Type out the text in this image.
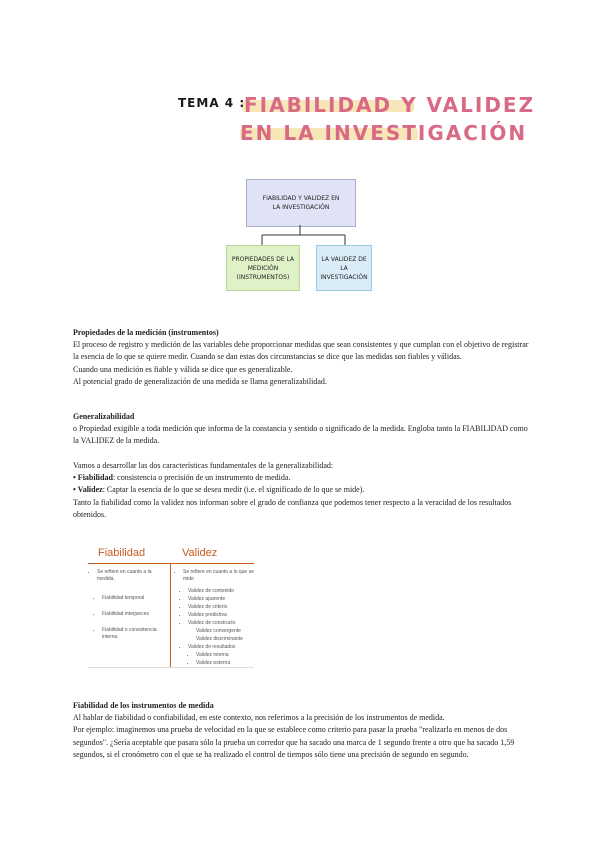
TEMA 4 :
FIABILIDAD Y VALIDEZ
EN LA INVESTIGACIÓN
FIABILIDAD Y VALIDEZ EN LA INVESTIGACIÓN
PROPIEDADES DE LA MEDICIÓN (INSTRUMENTOS)
LA VALIDEZ DE LA INVESTIGACIÓN

Propiedades de la medición (instrumentos)

El proceso de registro y medición de las variables debe proporcionar medidas que sean consistentes y que cumplan con el objetivo de registrar la esencia de lo que se quiere medir. Cuando se dan estas dos circunstancias se dice que las medidas son fiables y válidas.

Cuando una medición es fiable y válida se dice que es generalizable.

Al potencial grado de generalización de una medida se llama generalizabilidad.

Generalizabilidad

o Propiedad exigible a toda medición que informa de la constancia y sentido o significado de la medida. Engloba tanto la FIABILIDAD como la VALIDEZ de la medida.

Vamos a desarrollar las dos características fundamentales de la generalizabilidad:

• Fiabilidad: consistencia o precisión de un instrumento de medida.

• Validez: Captar la esencia de lo que se desea medir (i.e. el significado de lo que se mide).

Tanto la fiabilidad como la validez nos informan sobre el grado de confianza que podemos tener respecto a la veracidad de los resultados obtenidos.

Fiabilidad	Validez
• Se refiere en cuanto a la medida.
• Fiabilidad temporal
• Fiabilidad interjueces
• Fiabilidad o consistencia interna
• Se refiere en cuanto a lo que se mide
• Validez de contenido
• Validez aparente
• Validez de criterio
• Validez predictiva
• Validez de constructo
Validez convergente
Validez discriminante
• Validez de resultados
• Validez interna
• Validez externa

Fiabilidad de los instrumentos de medida

Al hablar de fiabilidad o confiabilidad, en este contexto, nos referimos a la precisión de los instrumentos de medida.

Por ejemplo: imaginemos una prueba de velocidad en la que se establece como criterio para pasar la prueba "realizarla en menos de dos segundos". ¿Sería aceptable que pasara sólo la prueba un corredor que ha sacado una marca de 1 segundo frente a otro que ha sacado 1,59 segundos, si el cronómetro con el que se ha realizado el control de tiempos sólo tiene una precisión de segundo en segundo.
